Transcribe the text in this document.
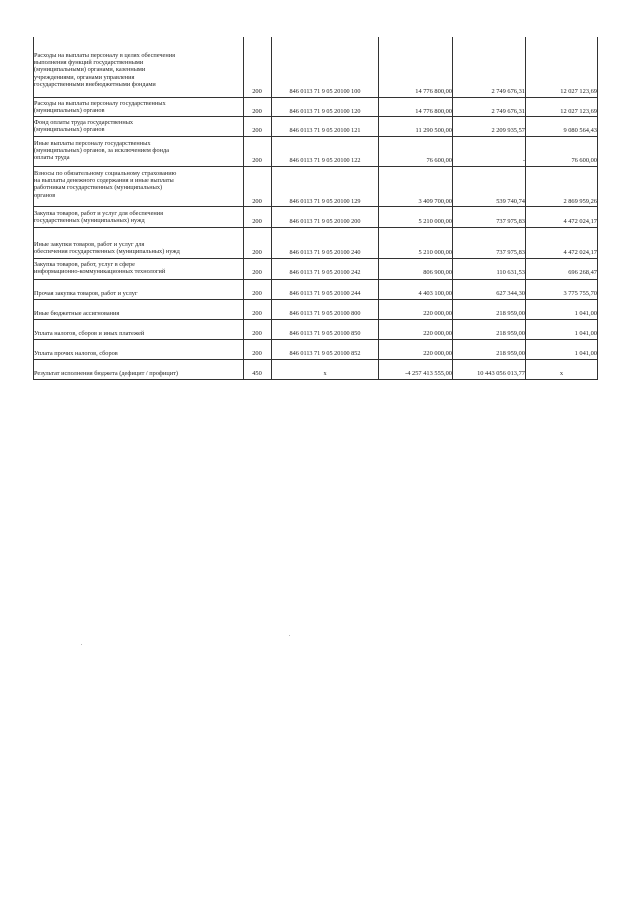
Расходы на выплаты персоналу в целях обеспечения
выполнения функций государственными
(муниципальными) органами, казенными
учреждениями, органами управления
государственными внебюджетными фондами
200	846 0113 71 9 05 20100 100	14 776 800,00	2 749 676,31	12 027 123,69
Расходы на выплаты персоналу государственных
(муниципальных) органов	200	846 0113 71 9 05 20100 120	14 776 800,00	2 749 676,31	12 027 123,69
Фонд оплаты труда государственных
(муниципальных) органов	200	846 0113 71 9 05 20100 121	11 290 500,00	2 209 935,57	9 080 564,43
Иные выплаты персоналу государственных
(муниципальных) органов, за исключением фонда
оплаты труда	200	846 0113 71 9 05 20100 122	76 600,00	-	76 600,00
Взносы по обязательному социальному страхованию
на выплаты денежного содержания и иные выплаты
работникам государственных (муниципальных)
органов
200	846 0113 71 9 05 20100 129	3 409 700,00	539 740,74	2 869 959,26
Закупка товаров, работ и услуг для обеспечения
государственных (муниципальных) нужд	200	846 0113 71 9 05 20100 200	5 210 000,00	737 975,83	4 472 024,17
Иные закупки товаров, работ и услуг для
обеспечения государственных (муниципальных) нужд	200	846 0113 71 9 05 20100 240	5 210 000,00	737 975,83	4 472 024,17
Закупка товаров, работ, услуг в сфере
информационно-коммуникационных технологий	200	846 0113 71 9 05 20100 242	806 900,00	110 631,53	696 268,47
Прочая закупка товаров, работ и услуг	200	846 0113 71 9 05 20100 244	4 403 100,00	627 344,30	3 775 755,70
Иные бюджетные ассигнования	200	846 0113 71 9 05 20100 800	220 000,00	218 959,00	1 041,00
Уплата налогов, сборов и иных платежей	200	846 0113 71 9 05 20100 850	220 000,00	218 959,00	1 041,00
Уплата прочих налогов, сборов	200	846 0113 71 9 05 20100 852	220 000,00	218 959,00	1 041,00
Результат исполнения бюджета (дефицит / профицит)	450	x	-4 257 413 555,00	10 443 056 013,77	x
